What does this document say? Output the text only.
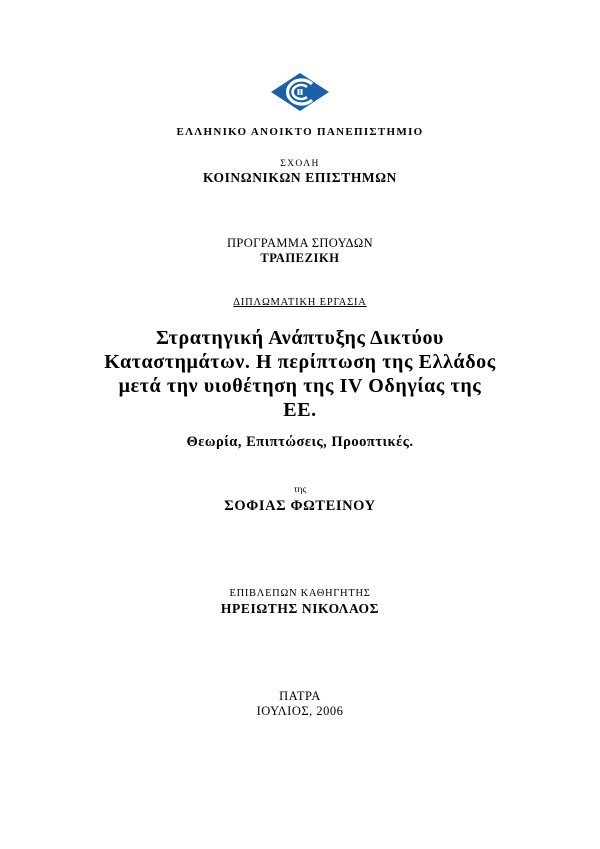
ΕΛΛΗΝΙΚΟ ΑΝΟΙΚΤΟ ΠΑΝΕΠΙΣΤΗΜΙΟ
ΣΧΟΛΗ
ΚΟΙΝΩΝΙΚΩΝ ΕΠΙΣΤΗΜΩΝ
ΠΡΟΓΡΑΜΜΑ ΣΠΟΥΔΩΝ
ΤΡΑΠΕΖΙΚΗ
ΔΙΠΛΩΜΑΤΙΚΗ ΕΡΓΑΣΙΑ
Στρατηγική Ανάπτυξης Δικτύου
Καταστημάτων. Η περίπτωση της Ελλάδος
μετά την υιοθέτηση της IV Οδηγίας της
ΕΕ.
Θεωρία, Επιπτώσεις, Προοπτικές.
της
ΣΟΦΙΑΣ ΦΩΤΕΙΝΟΥ
ΕΠΙΒΛΕΠΩΝ ΚΑΘΗΓΗΤΗΣ
ΗΡΕΙΩΤΗΣ ΝΙΚΟΛΑΟΣ
ΠΑΤΡΑ
ΙΟΥΛΙΟΣ, 2006
